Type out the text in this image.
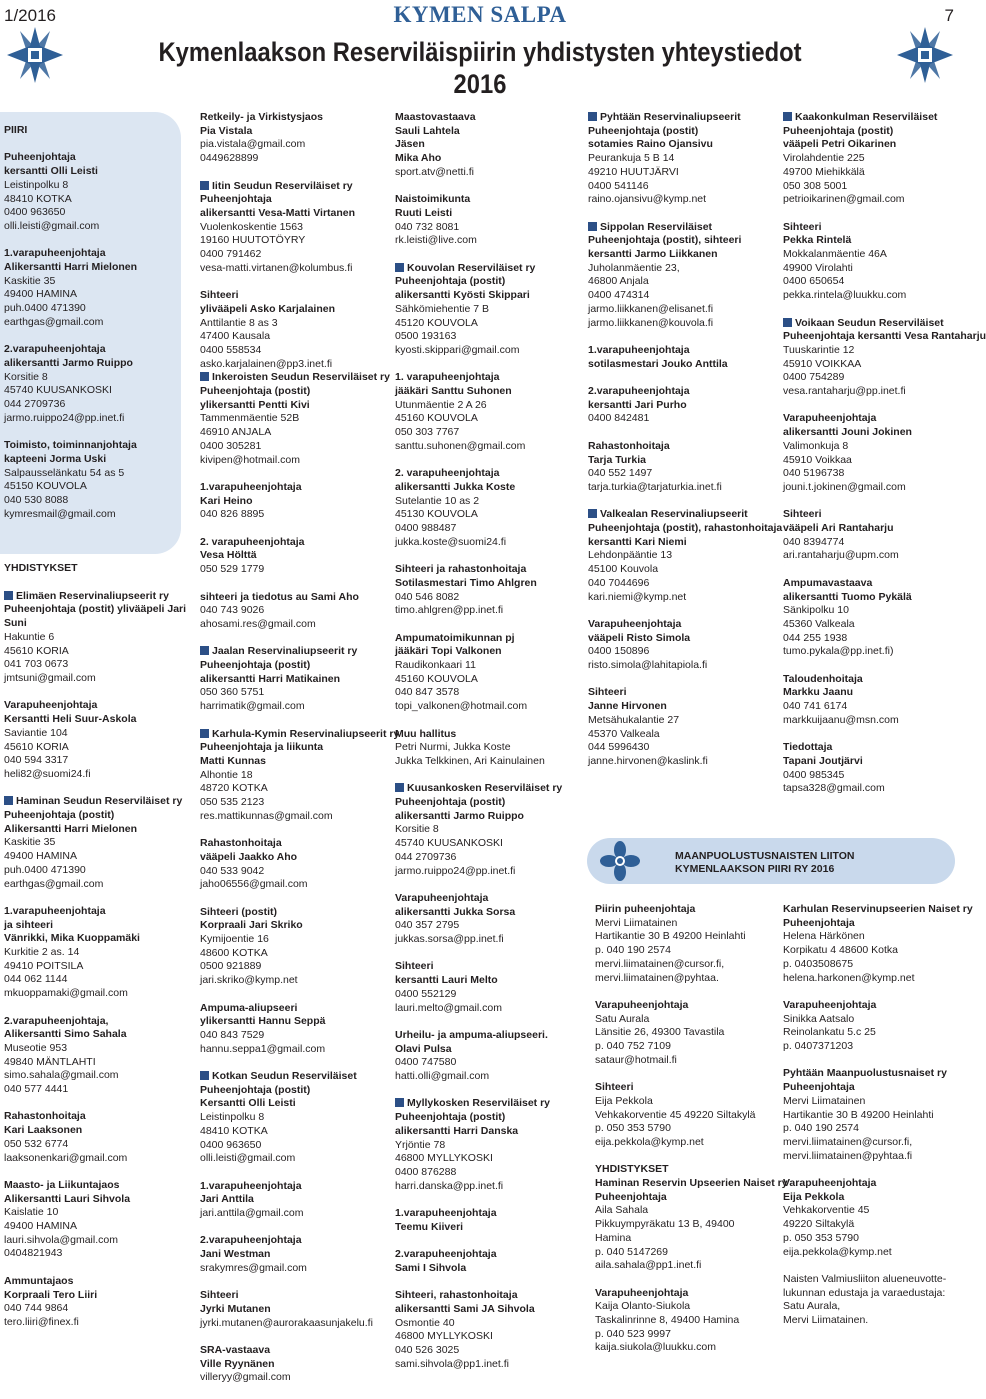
1/2016	KYMEN SALPA	7
Kymenlaakson Reserviläispiirin yhdistysten yhteystiedot
2016
MAANPUOLUSTUSNAISTEN LIITON
KYMENLAAKSON PIIRI RY 2016
PIIRI
Puheenjohtaja
kersantti Olli Leisti
Leistinpolku 8
48410 KOTKA
0400 963650
olli.leisti@gmail.com
1.varapuheenjohtaja
Alikersantti Harri Mielonen
Kaskitie 35
49400 HAMINA
puh.0400 471390
earthgas@gmail.com
2.varapuheenjohtaja
alikersantti Jarmo Ruippo
Korsitie 8
45740 KUUSANKOSKI
044 2709736
jarmo.ruippo24@pp.inet.fi
Toimisto, toiminnanjohtaja
kapteeni Jorma Uski
Salpausselänkatu 54 as 5
45150 KOUVOLA
040 530 8088
kymresmail@gmail.com
YHDISTYKSET
Elimäen Reservinaliupseerit ry
Puheenjohtaja (postit) ylivääpeli Jari
Suni
Hakuntie 6
45610 KORIA
041 703 0673
jmtsuni@gmail.com
Varapuheenjohtaja
Kersantti Heli Suur-Askola
Saviantie 104
45610 KORIA
040 594 3317
heli82@suomi24.fi
Haminan Seudun Reserviläiset ry
Puheenjohtaja (postit)
Alikersantti Harri Mielonen
Kaskitie 35
49400 HAMINA
puh.0400 471390
earthgas@gmail.com
1.varapuheenjohtaja
ja sihteeri
Vänrikki, Mika Kuoppamäki
Kurkitie 2 as. 14
49410 POITSILA
044 062 1144
mkuoppamaki@gmail.com
2.varapuheenjohtaja,
Alikersantti Simo Sahala
Museotie 953
49840 MÄNTLAHTI
simo.sahala@gmail.com
040 577 4441
Rahastonhoitaja
Kari Laaksonen
050 532 6774
laaksonenkari@gmail.com
Maasto- ja Liikuntajaos
Alikersantti Lauri Sihvola
Kaislatie 10
49400 HAMINA
lauri.sihvola@gmail.com
0404821943
Ammuntajaos
Korpraali Tero Liiri
040 744 9864
tero.liiri@finex.fi
Retkeily- ja Virkistysjaos
Pia Vistala
pia.vistala@gmail.com
0449628899
Iitin Seudun Reserviläiset ry
Puheenjohtaja
alikersantti Vesa-Matti Virtanen
Vuolenkoskentie 1563
19160 HUUTOTÖYRY
0400 791462
vesa-matti.virtanen@kolumbus.fi
Sihteeri
ylivääpeli Asko Karjalainen
Anttilantie 8 as 3
47400 Kausala
0400 558534
asko.karjalainen@pp3.inet.fi
Inkeroisten Seudun Reserviläiset ry
Puheenjohtaja (postit)
ylikersantti Pentti Kivi
Tammenmäentie 52B
46910 ANJALA
0400 305281
kivipen@hotmail.com
1.varapuheenjohtaja
Kari Heino
040 826 8895
2. varapuheenjohtaja
Vesa Hölttä
050 529 1779
sihteeri ja tiedotus au Sami Aho
040 743 9026
ahosami.res@gmail.com
Jaalan Reservinaliupseerit ry
Puheenjohtaja (postit)
alikersantti Harri Matikainen
050 360 5751
harrimatik@gmail.com
Karhula-Kymin Reservinaliupseerit ry
Puheenjohtaja ja liikunta
Matti Kunnas
Alhontie 18
48720 KOTKA
050 535 2123
res.mattikunnas@gmail.com
Rahastonhoitaja
vääpeli Jaakko Aho
040 533 9042
jaho06556@gmail.com
Sihteeri (postit)
Korpraali Jari Skriko
Kymijoentie 16
48600 KOTKA
0500 921889
jari.skriko@kymp.net
Ampuma-aliupseeri
ylikersantti Hannu Seppä
040 843 7529
hannu.seppa1@gmail.com
Kotkan Seudun Reserviläiset
Puheenjohtaja (postit)
Kersantti Olli Leisti
Leistinpolku 8
48410 KOTKA
0400 963650
olli.leisti@gmail.com
1.varapuheenjohtaja
Jari Anttila
jari.anttila@gmail.com
2.varapuheenjohtaja
Jani Westman
srakymres@gmail.com
Sihteeri
Jyrki Mutanen
jyrki.mutanen@aurorakaasunjakelu.fi
SRA-vastaava
Ville Ryynänen
villeryy@gmail.com
Maastovastaava
Sauli Lahtela
Jäsen
Mika Aho
sport.atv@netti.fi
Naistoimikunta
Ruuti Leisti
040 732 8081
rk.leisti@live.com
Kouvolan Reserviläiset ry
Puheenjohtaja (postit)
alikersantti Kyösti Skippari
Sähkömiehentie 7 B
45120 KOUVOLA
0500 193163
kyosti.skippari@gmail.com
1. varapuheenjohtaja
jääkäri Santtu Suhonen
Utunmäentie 2 A 26
45160 KOUVOLA
050 303 7767
santtu.suhonen@gmail.com
2. varapuheenjohtaja
alikersantti Jukka Koste
Sutelantie 10 as 2
45130 KOUVOLA
0400 988487
jukka.koste@suomi24.fi
Sihteeri ja rahastonhoitaja
Sotilasmestari Timo Ahlgren
040 546 8082
timo.ahlgren@pp.inet.fi
Ampumatoimikunnan pj
jääkäri Topi Valkonen
Raudikonkaari 11
45160 KOUVOLA
040 847 3578
topi_valkonen@hotmail.com
Muu hallitus
Petri Nurmi, Jukka Koste
Jukka Telkkinen, Ari Kainulainen
Kuusankosken Reserviläiset ry
Puheenjohtaja (postit)
alikersantti Jarmo Ruippo
Korsitie 8
45740 KUUSANKOSKI
044 2709736
jarmo.ruippo24@pp.inet.fi
Varapuheenjohtaja
alikersantti Jukka Sorsa
040 357 2795
jukkas.sorsa@pp.inet.fi
Sihteeri
kersantti Lauri Melto
0400 552129
lauri.melto@gmail.com
Urheilu- ja ampuma-aliupseeri.
Olavi Pulsa
0400 747580
hatti.olli@gmail.com
Myllykosken Reserviläiset ry
Puheenjohtaja (postit)
alikersantti Harri Danska
Yrjöntie 78
46800 MYLLYKOSKI
0400 876288
harri.danska@pp.inet.fi
1.varapuheenjohtaja
Teemu Kiiveri
2.varapuheenjohtaja
Sami I Sihvola
Sihteeri, rahastonhoitaja
alikersantti Sami JA Sihvola
Osmontie 40
46800 MYLLYKOSKI
040 526 3025
sami.sihvola@pp1.inet.fi
Pyhtään Reservinaliupseerit
Puheenjohtaja (postit)
sotamies Raino Ojansivu
Peurankuja 5 B 14
49210 HUUTJÄRVI
0400 541146
raino.ojansivu@kymp.net
Sippolan Reserviläiset
Puheenjohtaja (postit), sihteeri
kersantti Jarmo Liikkanen
Juholanmäentie 23,
46800 Anjala
0400 474314
jarmo.liikkanen@elisanet.fi
jarmo.liikkanen@kouvola.fi
1.varapuheenjohtaja
sotilasmestari Jouko Anttila
2.varapuheenjohtaja
kersantti Jari Purho
0400 842481
Rahastonhoitaja
Tarja Turkia
040 552 1497
tarja.turkia@tarjaturkia.inet.fi
Valkealan Reservinaliupseerit
Puheenjohtaja (postit), rahastonhoitaja
kersantti Kari Niemi
Lehdonpääntie 13
45100 Kouvola
040 7044696
kari.niemi@kymp.net
Varapuheenjohtaja
vääpeli Risto Simola
0400 150896
risto.simola@lahitapiola.fi
Sihteeri
Janne Hirvonen
Metsähukalantie 27
45370 Valkeala
044 5996430
janne.hirvonen@kaslink.fi
Kaakonkulman Reserviläiset
Puheenjohtaja (postit)
vääpeli Petri Oikarinen
Virolahdentie 225
49700 Miehikkälä
050 308 5001
petrioikarinen@gmail.com
Sihteeri
Pekka Rintelä
Mokkalanmäentie 46A
49900 Virolahti
0400 650654
pekka.rintela@luukku.com
Voikaan Seudun Reserviläiset
Puheenjohtaja kersantti Vesa Rantaharju
Tuuskarintie 12
45910 VOIKKAA
0400 754289
vesa.rantaharju@pp.inet.fi
Varapuheenjohtaja
alikersantti Jouni Jokinen
Valimonkuja 8
45910 Voikkaa
040 5196738
jouni.t.jokinen@gmail.com
Sihteeri
vääpeli Ari Rantaharju
040 8394774
ari.rantaharju@upm.com
Ampumavastaava
alikersantti Tuomo Pykälä
Sänkipolku 10
45360 Valkeala
044 255 1938
tumo.pykala@pp.inet.fi)
Taloudenhoitaja
Markku Jaanu
040 741 6174
markkuijaanu@msn.com
Tiedottaja
Tapani Joutjärvi
0400 985345
tapsa328@gmail.com
Piirin puheenjohtaja
Mervi Liimatainen
Hartikantie 30 B 49200 Heinlahti
p. 040 190 2574
mervi.liimatainen@cursor.fi,
mervi.liimatainen@pyhtaa.
Varapuheenjohtaja
Satu Aurala
Länsitie 26, 49300 Tavastila
p. 040 752 7109
sataur@hotmail.fi
Sihteeri
Eija Pekkola
Vehkakorventie 45 49220 Siltakylä
p. 050 353 5790
eija.pekkola@kymp.net
YHDISTYKSET
Haminan Reservin Upseerien Naiset ry
Puheenjohtaja
Aila Sahala
Pikkuympyräkatu 13 B, 49400
Hamina
p. 040 5147269
aila.sahala@pp1.inet.fi
Varapuheenjohtaja
Kaija Olanto-Siukola
Taskalinrinne 8, 49400 Hamina
p. 040 523 9997
kaija.siukola@luukku.com
Karhulan Reservinupseerien Naiset ry
Puheenjohtaja
Helena Härkönen
Korpikatu 4 48600 Kotka
p. 0403508675
helena.harkonen@kymp.net
Varapuheenjohtaja
Sinikka Aatsalo
Reinolankatu 5.c 25
p. 0407371203
Pyhtään Maanpuolustusnaiset ry
Puheenjohtaja
Mervi Liimatainen
Hartikantie 30 B 49200 Heinlahti
p. 040 190 2574
mervi.liimatainen@cursor.fi,
mervi.liimatainen@pyhtaa.fi
Varapuheenjohtaja
Eija Pekkola
Vehkakorventie 45
49220 Siltakylä
p. 050 353 5790
eija.pekkola@kymp.net
Naisten Valmiusliiton alueneuvotte-
lukunnan edustaja ja varaedustaja:
Satu Aurala,
Mervi Liimatainen.
